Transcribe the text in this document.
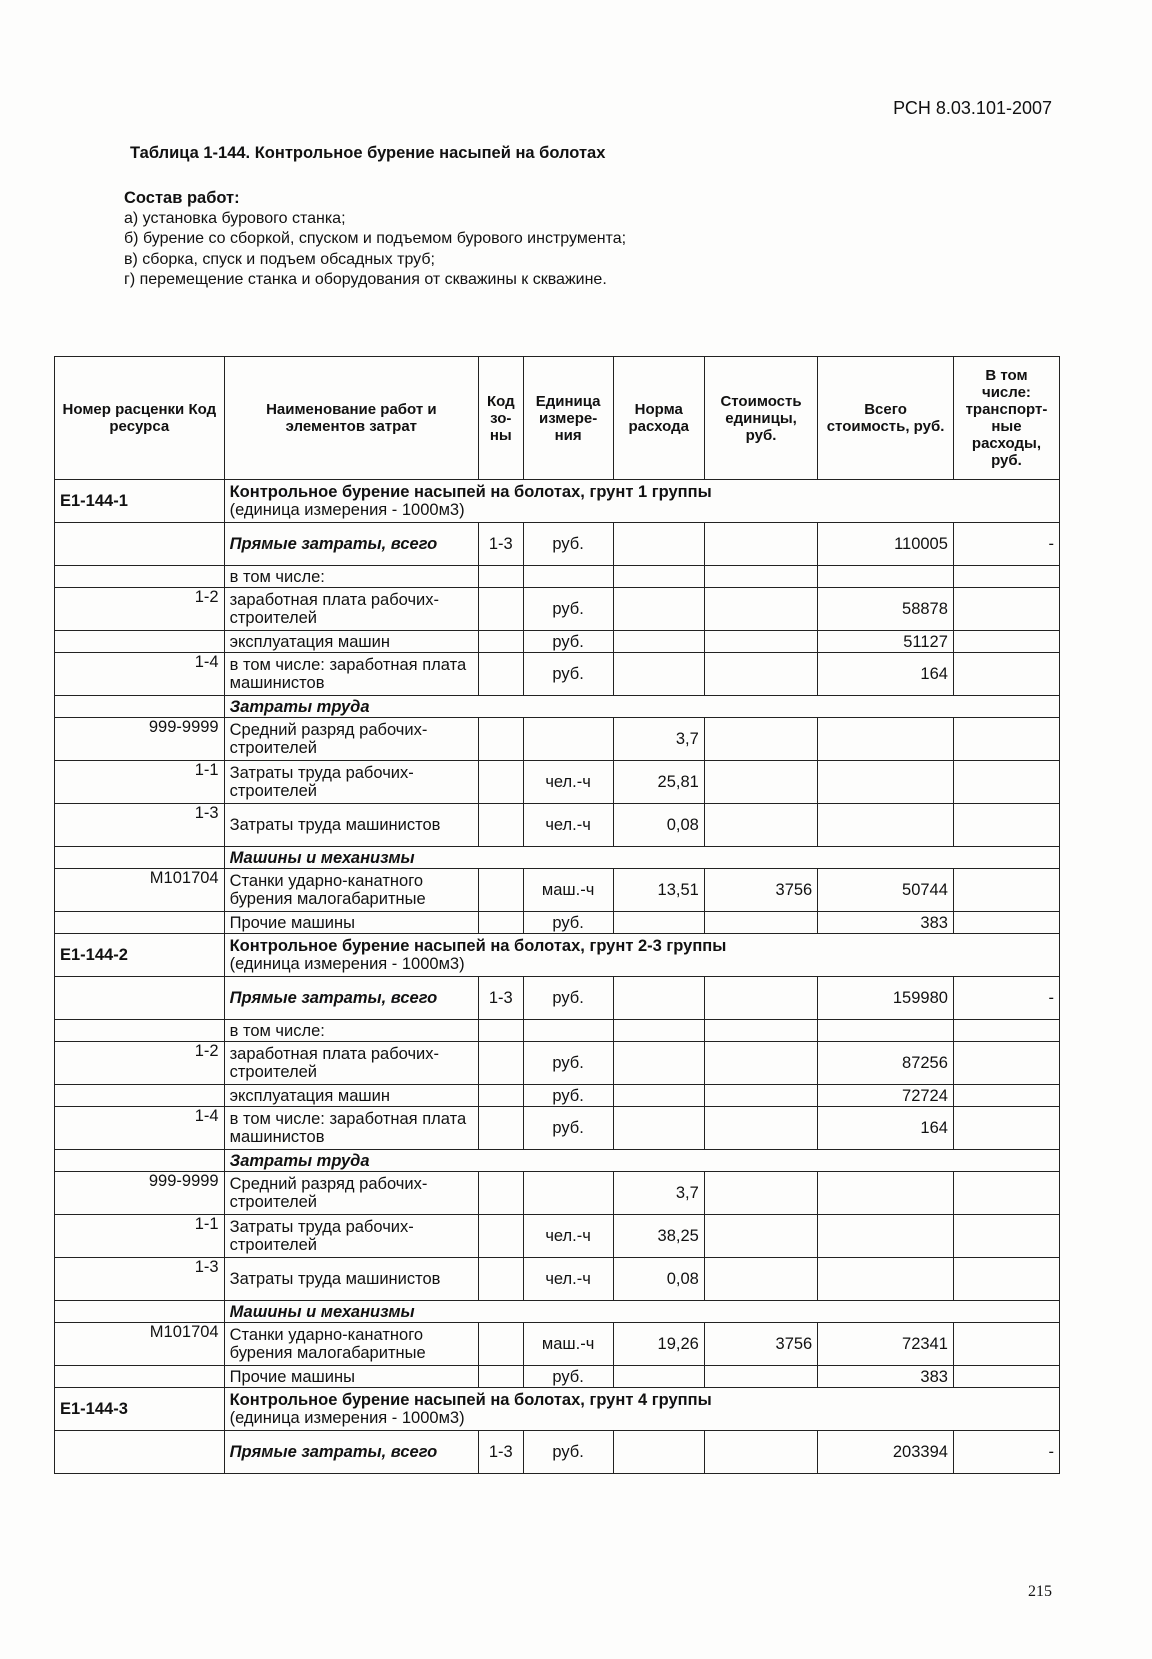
РСН 8.03.101-2007
Таблица 1-144. Контрольное бурение насыпей на болотах
Состав работ:
а) установка бурового станка;
б) бурение со сборкой, спуском и подъемом бурового инструмента;
в) сборка, спуск и подъем обсадных труб;
г) перемещение станка и оборудования от скважины к скважине.
Номер расценки Код ресурса	Наименование работ и элементов затрат	Код зо- ны	Единица измере- ния	Норма расхода	Стоимость единицы, руб.	Всего стоимость, руб.	В том числе: транспорт- ные расходы, руб.
Е1-144-1	Контрольное бурение насыпей на болотах, грунт 1 группы
(единица измерения - 1000м3)						
	Прямые затраты, всего	1-3	руб.			110005	-
	в том числе:						
1-2	заработная плата рабочих-строителей		руб.			58878	
	эксплуатация машин		руб.			51127	
1-4	в том числе: заработная плата машинистов		руб.			164	
	Затраты труда						
999-9999	Средний разряд рабочих-строителей			3,7			
1-1	Затраты труда рабочих-строителей		чел.-ч	25,81			
1-3	Затраты труда машинистов		чел.-ч	0,08			
	Машины и механизмы						
М101704	Станки ударно-канатного бурения малогабаритные		маш.-ч	13,51	3756	50744	
	Прочие машины		руб.			383	
Е1-144-2	Контрольное бурение насыпей на болотах, грунт 2-3 группы
(единица измерения - 1000м3)						
	Прямые затраты, всего	1-3	руб.			159980	-
	в том числе:						
1-2	заработная плата рабочих-строителей		руб.			87256	
	эксплуатация машин		руб.			72724	
1-4	в том числе: заработная плата машинистов		руб.			164	
	Затраты труда						
999-9999	Средний разряд рабочих-строителей			3,7			
1-1	Затраты труда рабочих-строителей		чел.-ч	38,25			
1-3	Затраты труда машинистов		чел.-ч	0,08			
	Машины и механизмы						
М101704	Станки ударно-канатного бурения малогабаритные		маш.-ч	19,26	3756	72341	
	Прочие машины		руб.			383	
Е1-144-3	Контрольное бурение насыпей на болотах, грунт 4 группы
(единица измерения - 1000м3)						
	Прямые затраты, всего	1-3	руб.			203394	-
215
